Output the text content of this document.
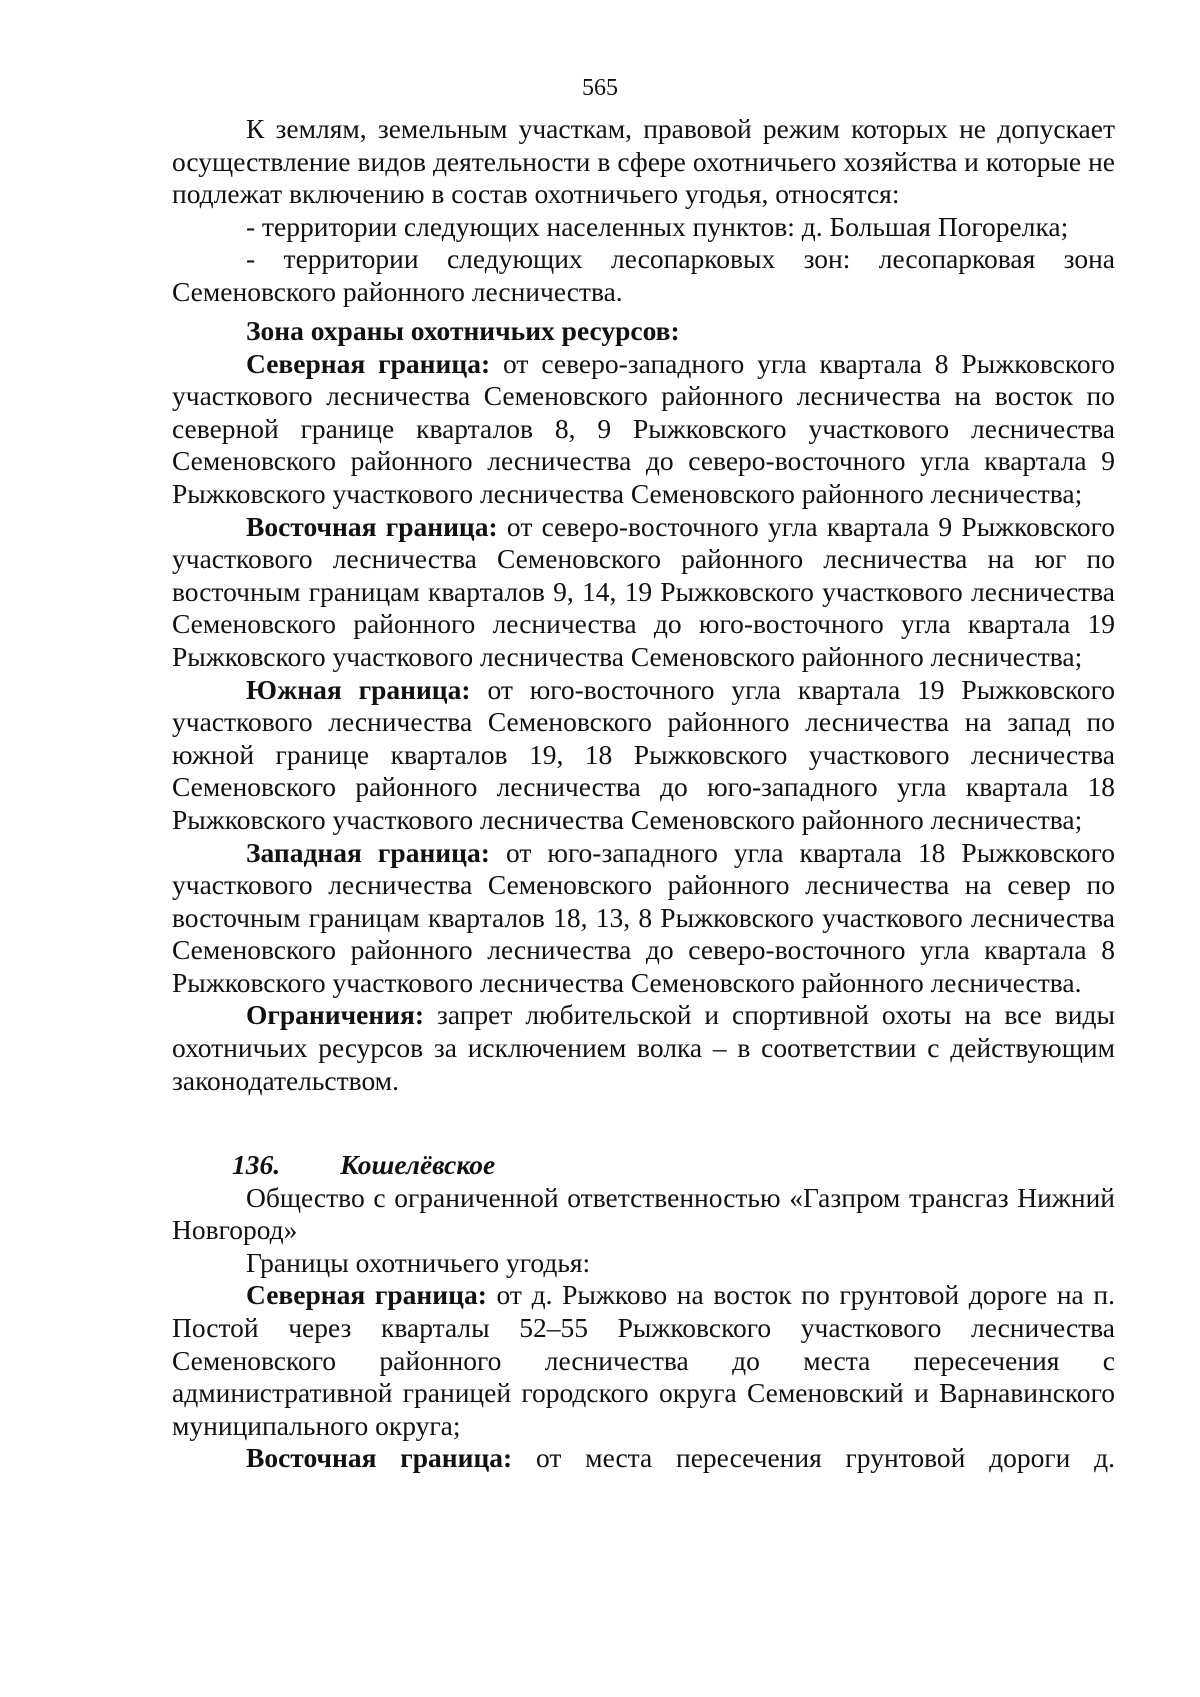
565

К землям, земельным участкам, правовой режим которых не допускает осуществление видов деятельности в сфере охотничьего хозяйства и которые не подлежат включению в состав охотничьего угодья, относятся:

- территории следующих населенных пунктов: д. Большая Погорелка;

- территории следующих лесопарковых зон: лесопарковая зона Семеновского районного лесничества.

Зона охраны охотничьих ресурсов:

Северная граница: от северо-западного угла квартала 8 Рыжковского участкового лесничества Семеновского районного лесничества на восток по северной границе кварталов 8, 9 Рыжковского участкового лесничества Семеновского районного лесничества до северо-восточного угла квартала 9 Рыжковского участкового лесничества Семеновского районного лесничества;

Восточная граница: от северо-восточного угла квартала 9 Рыжковского участкового лесничества Семеновского районного лесничества на юг по восточным границам кварталов 9, 14, 19 Рыжковского участкового лесничества Семеновского районного лесничества до юго-восточного угла квартала 19 Рыжковского участкового лесничества Семеновского районного лесничества;

Южная граница: от юго-восточного угла квартала 19 Рыжковского участкового лесничества Семеновского районного лесничества на запад по южной границе кварталов 19, 18 Рыжковского участкового лесничества Семеновского районного лесничества до юго-западного угла квартала 18 Рыжковского участкового лесничества Семеновского районного лесничества;

Западная граница: от юго-западного угла квартала 18 Рыжковского участкового лесничества Семеновского районного лесничества на север по восточным границам кварталов 18, 13, 8 Рыжковского участкового лесничества Семеновского районного лесничества до северо-восточного угла квартала 8 Рыжковского участкового лесничества Семеновского районного лесничества.

Ограничения: запрет любительской и спортивной охоты на все виды охотничьих ресурсов за исключением волка – в соответствии с действующим законодательством.

136. Кошелёвское

Общество с ограниченной ответственностью «Газпром трансгаз Нижний Новгород»

Границы охотничьего угодья:

Северная граница: от д. Рыжково на восток по грунтовой дороге на п. Постой через кварталы 52–55 Рыжковского участкового лесничества Семеновского районного лесничества до места пересечения с административной границей городского округа Семеновский и Варнавинского муниципального округа;

Восточная граница: от места пересечения грунтовой дороги д.
